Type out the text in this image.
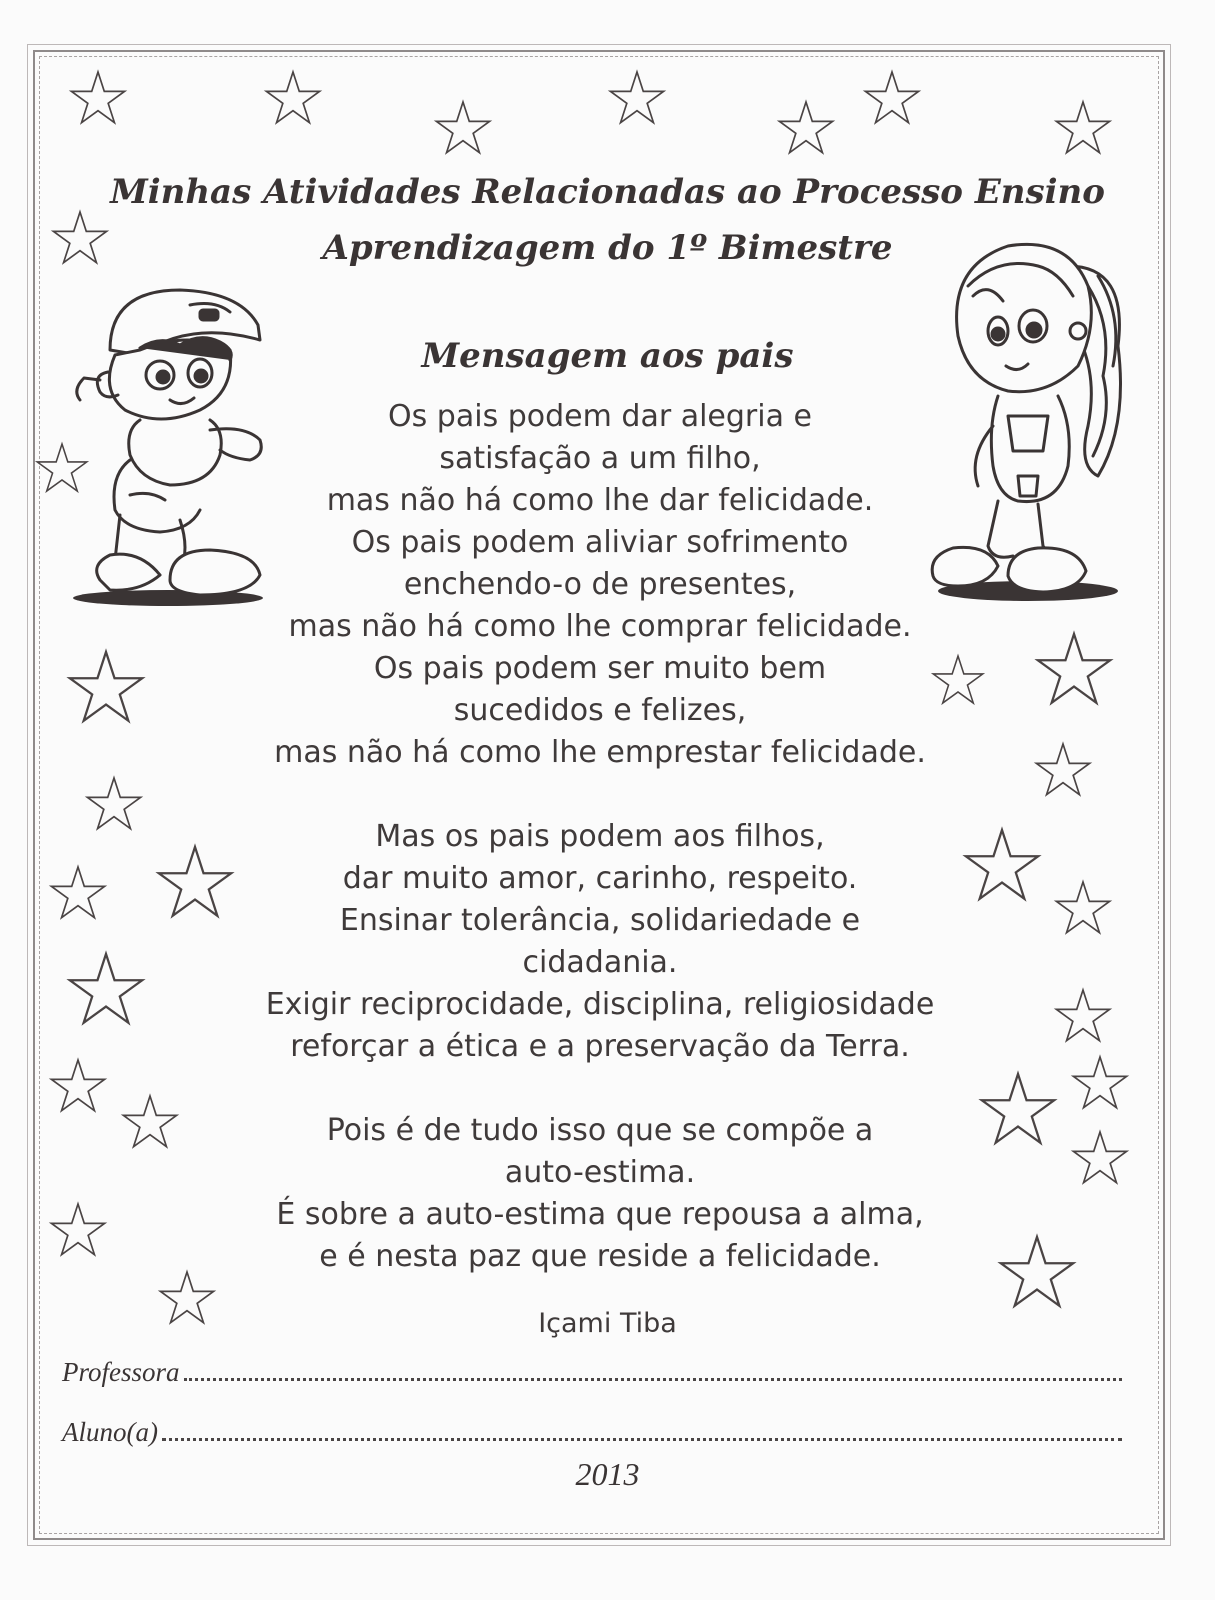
Minhas Atividades Relacionadas ao Processo Ensino
Aprendizagem do 1º Bimestre
Mensagem aos pais

Os pais podem dar alegria e
satisfação a um filho,
mas não há como lhe dar felicidade.
Os pais podem aliviar sofrimento
enchendo-o de presentes,
mas não há como lhe comprar felicidade.
Os pais podem ser muito bem
sucedidos e felizes,
mas não há como lhe emprestar felicidade.

Mas os pais podem aos filhos,
dar muito amor, carinho, respeito.
Ensinar tolerância, solidariedade e
cidadania.
Exigir reciprocidade, disciplina, religiosidade
reforçar a ética e a preservação da Terra.

Pois é de tudo isso que se compõe a
auto-estima.
É sobre a auto-estima que repousa a alma,
e é nesta paz que reside a felicidade.

Içami Tiba
Professora
Aluno(a)
2013
